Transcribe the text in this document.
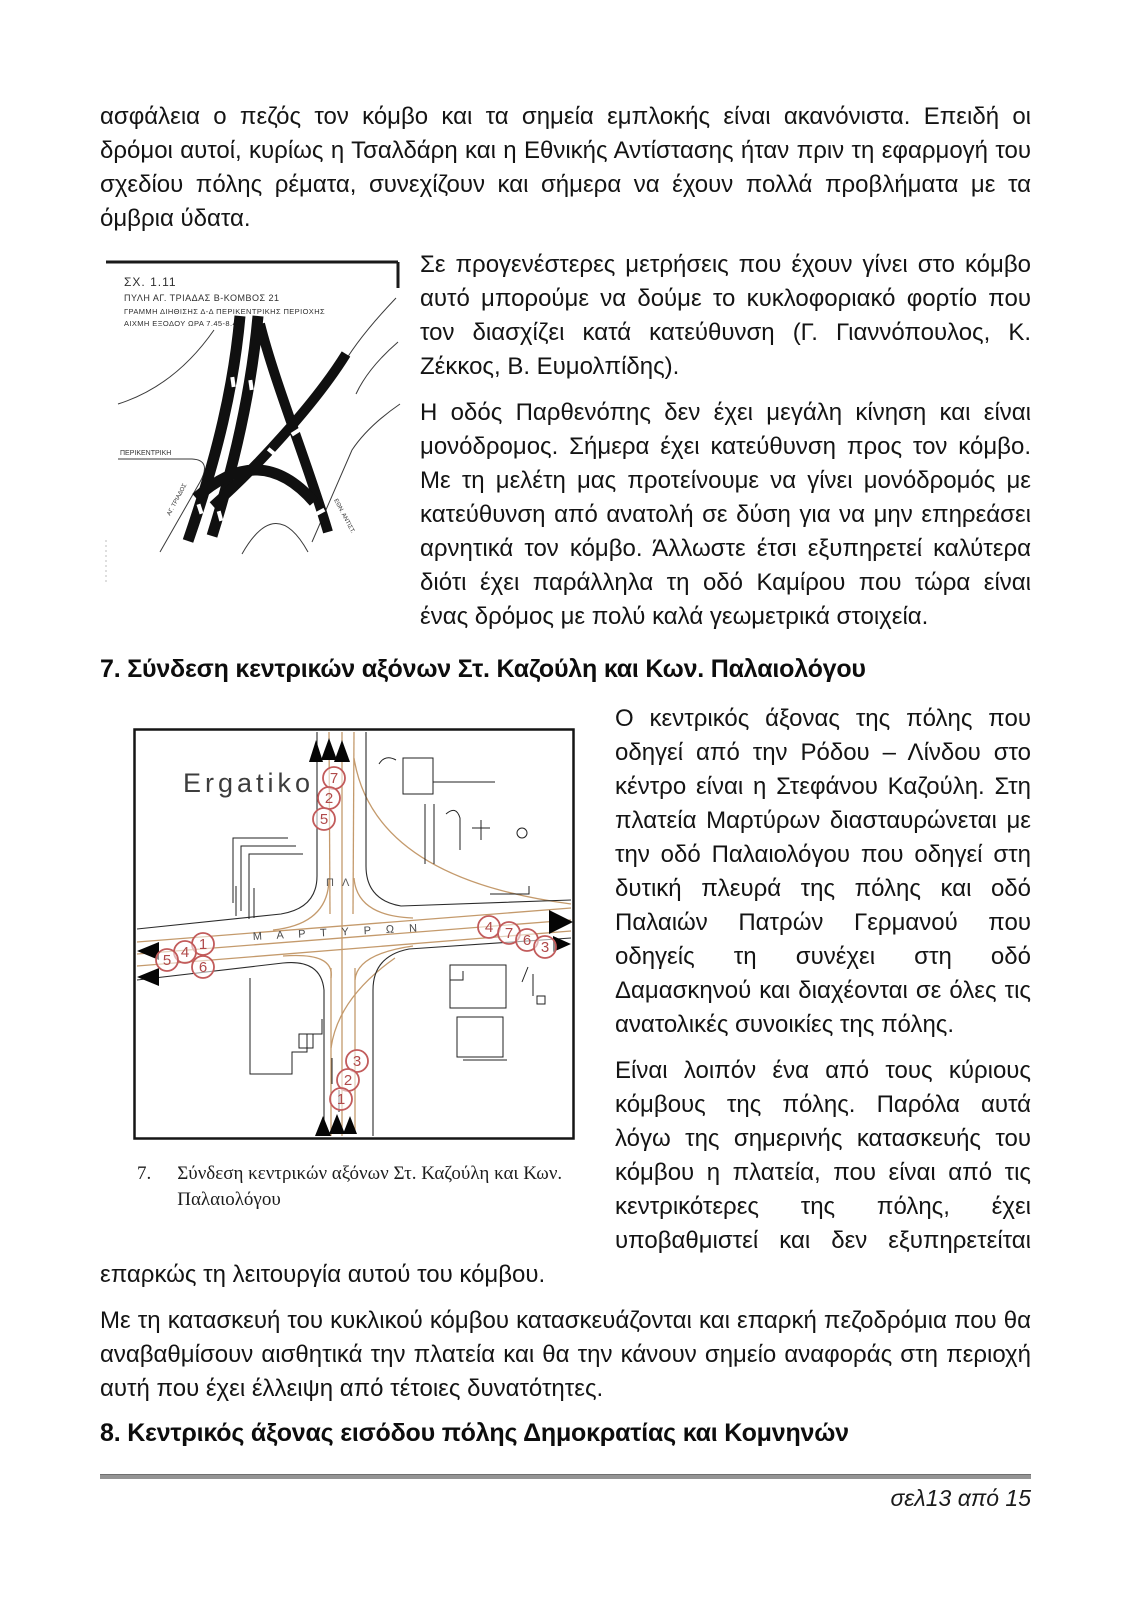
ασφάλεια ο πεζός τον κόμβο και τα σημεία εμπλοκής είναι ακανόνιστα. Επειδή οι δρόμοι αυτοί, κυρίως η Τσαλδάρη και η Εθνικής Αντίστασης ήταν πριν τη εφαρμογή του σχεδίου πόλης ρέματα, συνεχίζουν και σήμερα να έχουν πολλά προβλήματα με τα όμβρια ύδατα.

ΣΧ. 1.11
ΠΥΛΗ ΑΓ. ΤΡΙΑΔΑΣ Β-ΚΟΜΒΟΣ 21
ΓΡΑΜΜΗ ΔΙΗΘΙΣΗΣ Δ-Δ ΠΕΡΙΚΕΝΤΡΙΚΗΣ ΠΕΡΙΟΧΗΣ
ΑΙΧΜΗ ΕΞΟΔΟΥ ΩΡΑ 7.45-8.45
ΠΕΡΙΚΕΝΤΡΙΚΗ
ΑΓ. ΤΡΙΑΔΟΣ	ΕΘΝ. ΑΝΤΙΣΤ.

Σε προγενέστερες μετρήσεις που έχουν γίνει στο κόμβο αυτό μπορούμε να δούμε το κυκλοφοριακό φορτίο που τον διασχίζει κατά κατεύθυνση (Γ. Γιαννόπουλος, Κ. Ζέκκος, Β. Ευμολπίδης).

Η οδός Παρθενόπης δεν έχει μεγάλη κίνηση και είναι μονόδρομος. Σήμερα έχει κατεύθυνση προς τον κόμβο. Με τη μελέτη μας προτείνουμε να γίνει μονόδρομός με κατεύθυνση από ανατολή σε δύση για να μην επηρεάσει αρνητικά τον κόμβο. Άλλωστε έτσι εξυπηρετεί καλύτερα διότι έχει παράλληλα τη οδό Καμίρου που τώρα είναι ένας δρόμος με πολύ καλά γεωμετρικά στοιχεία.

7. Σύνδεση κεντρικών αξόνων Στ. Καζούλη και Κων. Παλαιολόγου
Ergatiko
ΠΛ
Μ Α Ρ Τ Υ Ρ Ω Ν
7
2
5
1
4
5 6
4 7 6 3
3
2
1
7. Σύνδεση κεντρικών αξόνων Στ. Καζούλη και Κων. Παλαιολόγου

Ο κεντρικός άξονας της πόλης που οδηγεί από την Ρόδου – Λίνδου στο κέντρο είναι η Στεφάνου Καζούλη. Στη πλατεία Μαρτύρων διασταυρώνεται με την οδό Παλαιολόγου που οδηγεί στη δυτική πλευρά της πόλης και οδό Παλαιών Πατρών Γερμανού που οδηγείς τη συνέχει στη οδό Δαμασκηνού και διαχέονται σε όλες τις ανατολικές συνοικίες της πόλης.

Είναι λοιπόν ένα από τους κύριους κόμβους της πόλης. Παρόλα αυτά λόγω της σημερινής κατασκευής του κόμβου η πλατεία, που είναι από τις κεντρικότερες της πόλης, έχει υποβαθμιστεί και δεν εξυπηρετείται επαρκώς τη λειτουργία αυτού του κόμβου.

Με τη κατασκευή του κυκλικού κόμβου κατασκευάζονται και επαρκή πεζοδρόμια που θα αναβαθμίσουν αισθητικά την πλατεία και θα την κάνουν σημείο αναφοράς στη περιοχή αυτή που έχει έλλειψη από τέτοιες δυνατότητες.

8. Κεντρικός άξονας εισόδου πόλης Δημοκρατίας και Κομνηνών
σελ13 από 15
